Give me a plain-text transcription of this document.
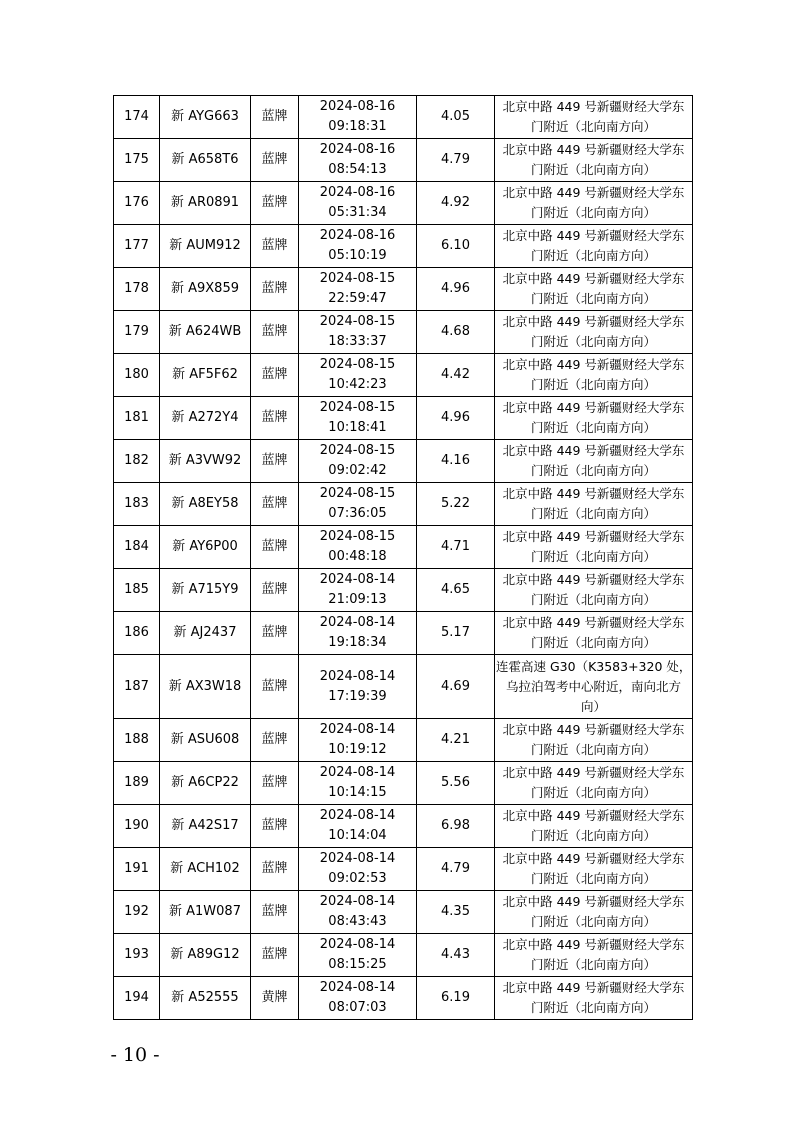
174	新 AYG663	蓝牌	2024-08-16
09:18:31	4.05	北京中路 449 号新疆财经大学东
门附近（北向南方向）

175	新 A658T6	蓝牌	2024-08-16
08:54:13	4.79	北京中路 449 号新疆财经大学东
门附近（北向南方向）

176	新 AR0891	蓝牌	2024-08-16
05:31:34	4.92	北京中路 449 号新疆财经大学东
门附近（北向南方向）

177	新 AUM912	蓝牌	2024-08-16
05:10:19	6.10	北京中路 449 号新疆财经大学东
门附近（北向南方向）

178	新 A9X859	蓝牌	2024-08-15
22:59:47	4.96	北京中路 449 号新疆财经大学东
门附近（北向南方向）

179	新 A624WB	蓝牌	2024-08-15
18:33:37	4.68	北京中路 449 号新疆财经大学东
门附近（北向南方向）

180	新 AF5F62	蓝牌	2024-08-15
10:42:23	4.42	北京中路 449 号新疆财经大学东
门附近（北向南方向）

181	新 A272Y4	蓝牌	2024-08-15
10:18:41	4.96	北京中路 449 号新疆财经大学东
门附近（北向南方向）

182	新 A3VW92	蓝牌	2024-08-15
09:02:42	4.16	北京中路 449 号新疆财经大学东
门附近（北向南方向）

183	新 A8EY58	蓝牌	2024-08-15
07:36:05	5.22	北京中路 449 号新疆财经大学东
门附近（北向南方向）

184	新 AY6P00	蓝牌	2024-08-15
00:48:18	4.71	北京中路 449 号新疆财经大学东
门附近（北向南方向）

185	新 A715Y9	蓝牌	2024-08-14
21:09:13	4.65	北京中路 449 号新疆财经大学东
门附近（北向南方向）

186	新 AJ2437	蓝牌	2024-08-14
19:18:34	5.17	北京中路 449 号新疆财经大学东
门附近（北向南方向）

187	新 AX3W18	蓝牌	2024-08-14
17:19:39	4.69	连霍高速 G30（K3583+320 处，
乌拉泊驾考中心附近，南向北方
向）

188	新 ASU608	蓝牌	2024-08-14
10:19:12	4.21	北京中路 449 号新疆财经大学东
门附近（北向南方向）

189	新 A6CP22	蓝牌	2024-08-14
10:14:15	5.56	北京中路 449 号新疆财经大学东
门附近（北向南方向）

190	新 A42S17	蓝牌	2024-08-14
10:14:04	6.98	北京中路 449 号新疆财经大学东
门附近（北向南方向）

191	新 ACH102	蓝牌	2024-08-14
09:02:53	4.79	北京中路 449 号新疆财经大学东
门附近（北向南方向）

192	新 A1W087	蓝牌	2024-08-14
08:43:43	4.35	北京中路 449 号新疆财经大学东
门附近（北向南方向）

193	新 A89G12	蓝牌	2024-08-14
08:15:25	4.43	北京中路 449 号新疆财经大学东
门附近（北向南方向）

194	新 A52555	黄牌	2024-08-14
08:07:03	6.19	北京中路 449 号新疆财经大学东
门附近（北向南方向）
- 10 -
